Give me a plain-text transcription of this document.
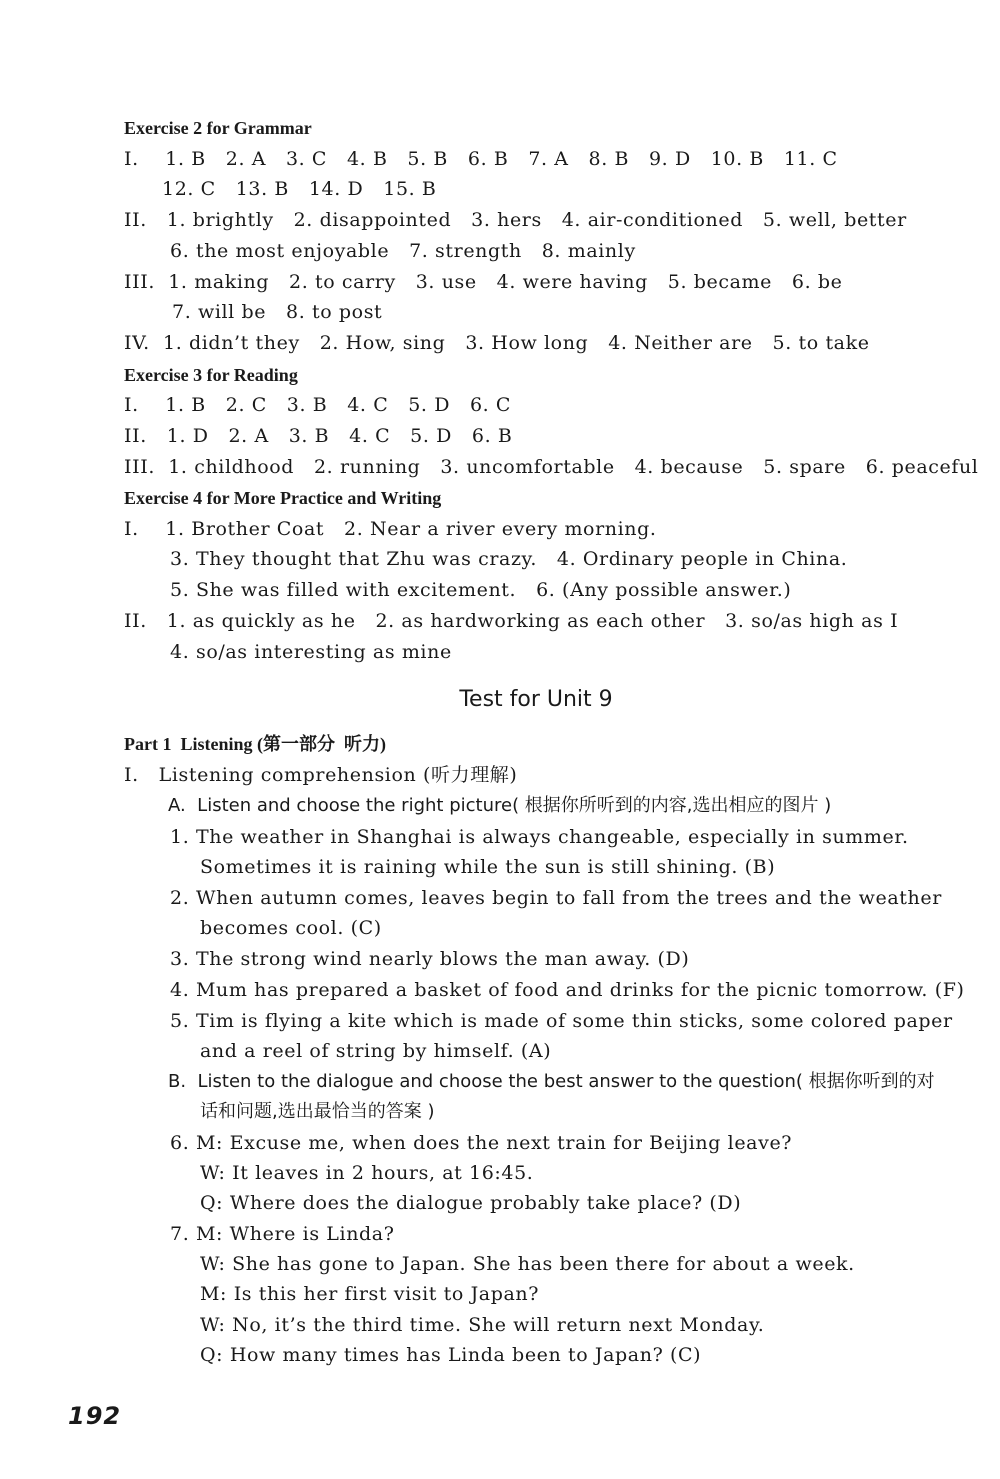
Exercise 2 for Grammar
I.    1. B   2. A   3. C   4. B   5. B   6. B   7. A   8. B   9. D   10. B   11. C
12. C   13. B   14. D   15. B
II.   1. brightly   2. disappointed   3. hers   4. air-conditioned   5. well, better
6. the most enjoyable   7. strength   8. mainly
III.  1. making   2. to carry   3. use   4. were having   5. became   6. be
7. will be   8. to post
IV.  1. didn’t they   2. How, sing   3. How long   4. Neither are   5. to take
Exercise 3 for Reading
I.    1. B   2. C   3. B   4. C   5. D   6. C
II.   1. D   2. A   3. B   4. C   5. D   6. B
III.  1. childhood   2. running   3. uncomfortable   4. because   5. spare   6. peaceful
Exercise 4 for More Practice and Writing
I.    1. Brother Coat   2. Near a river every morning.
3. They thought that Zhu was crazy.   4. Ordinary people in China.
5. She was filled with excitement.   6. (Any possible answer.)
II.   1. as quickly as he   2. as hardworking as each other   3. so/as high as I
4. so/as interesting as mine
Test for Unit 9
Part 1  Listening (第一部分  听力)
I.   Listening comprehension (听力理解)
A.  Listen and choose the right picture( 根据你所听到的内容,选出相应的图片 )
1. The weather in Shanghai is always changeable, especially in summer.
Sometimes it is raining while the sun is still shining. (B)
2. When autumn comes, leaves begin to fall from the trees and the weather
becomes cool. (C)
3. The strong wind nearly blows the man away. (D)
4. Mum has prepared a basket of food and drinks for the picnic tomorrow. (F)
5. Tim is flying a kite which is made of some thin sticks, some colored paper
and a reel of string by himself. (A)
B.  Listen to the dialogue and choose the best answer to the question( 根据你听到的对
话和问题,选出最恰当的答案 )
6. M: Excuse me, when does the next train for Beijing leave?
W: It leaves in 2 hours, at 16:45.
Q: Where does the dialogue probably take place? (D)
7. M: Where is Linda?
W: She has gone to Japan. She has been there for about a week.
M: Is this her first visit to Japan?
W: No, it’s the third time. She will return next Monday.
Q: How many times has Linda been to Japan? (C)
192
